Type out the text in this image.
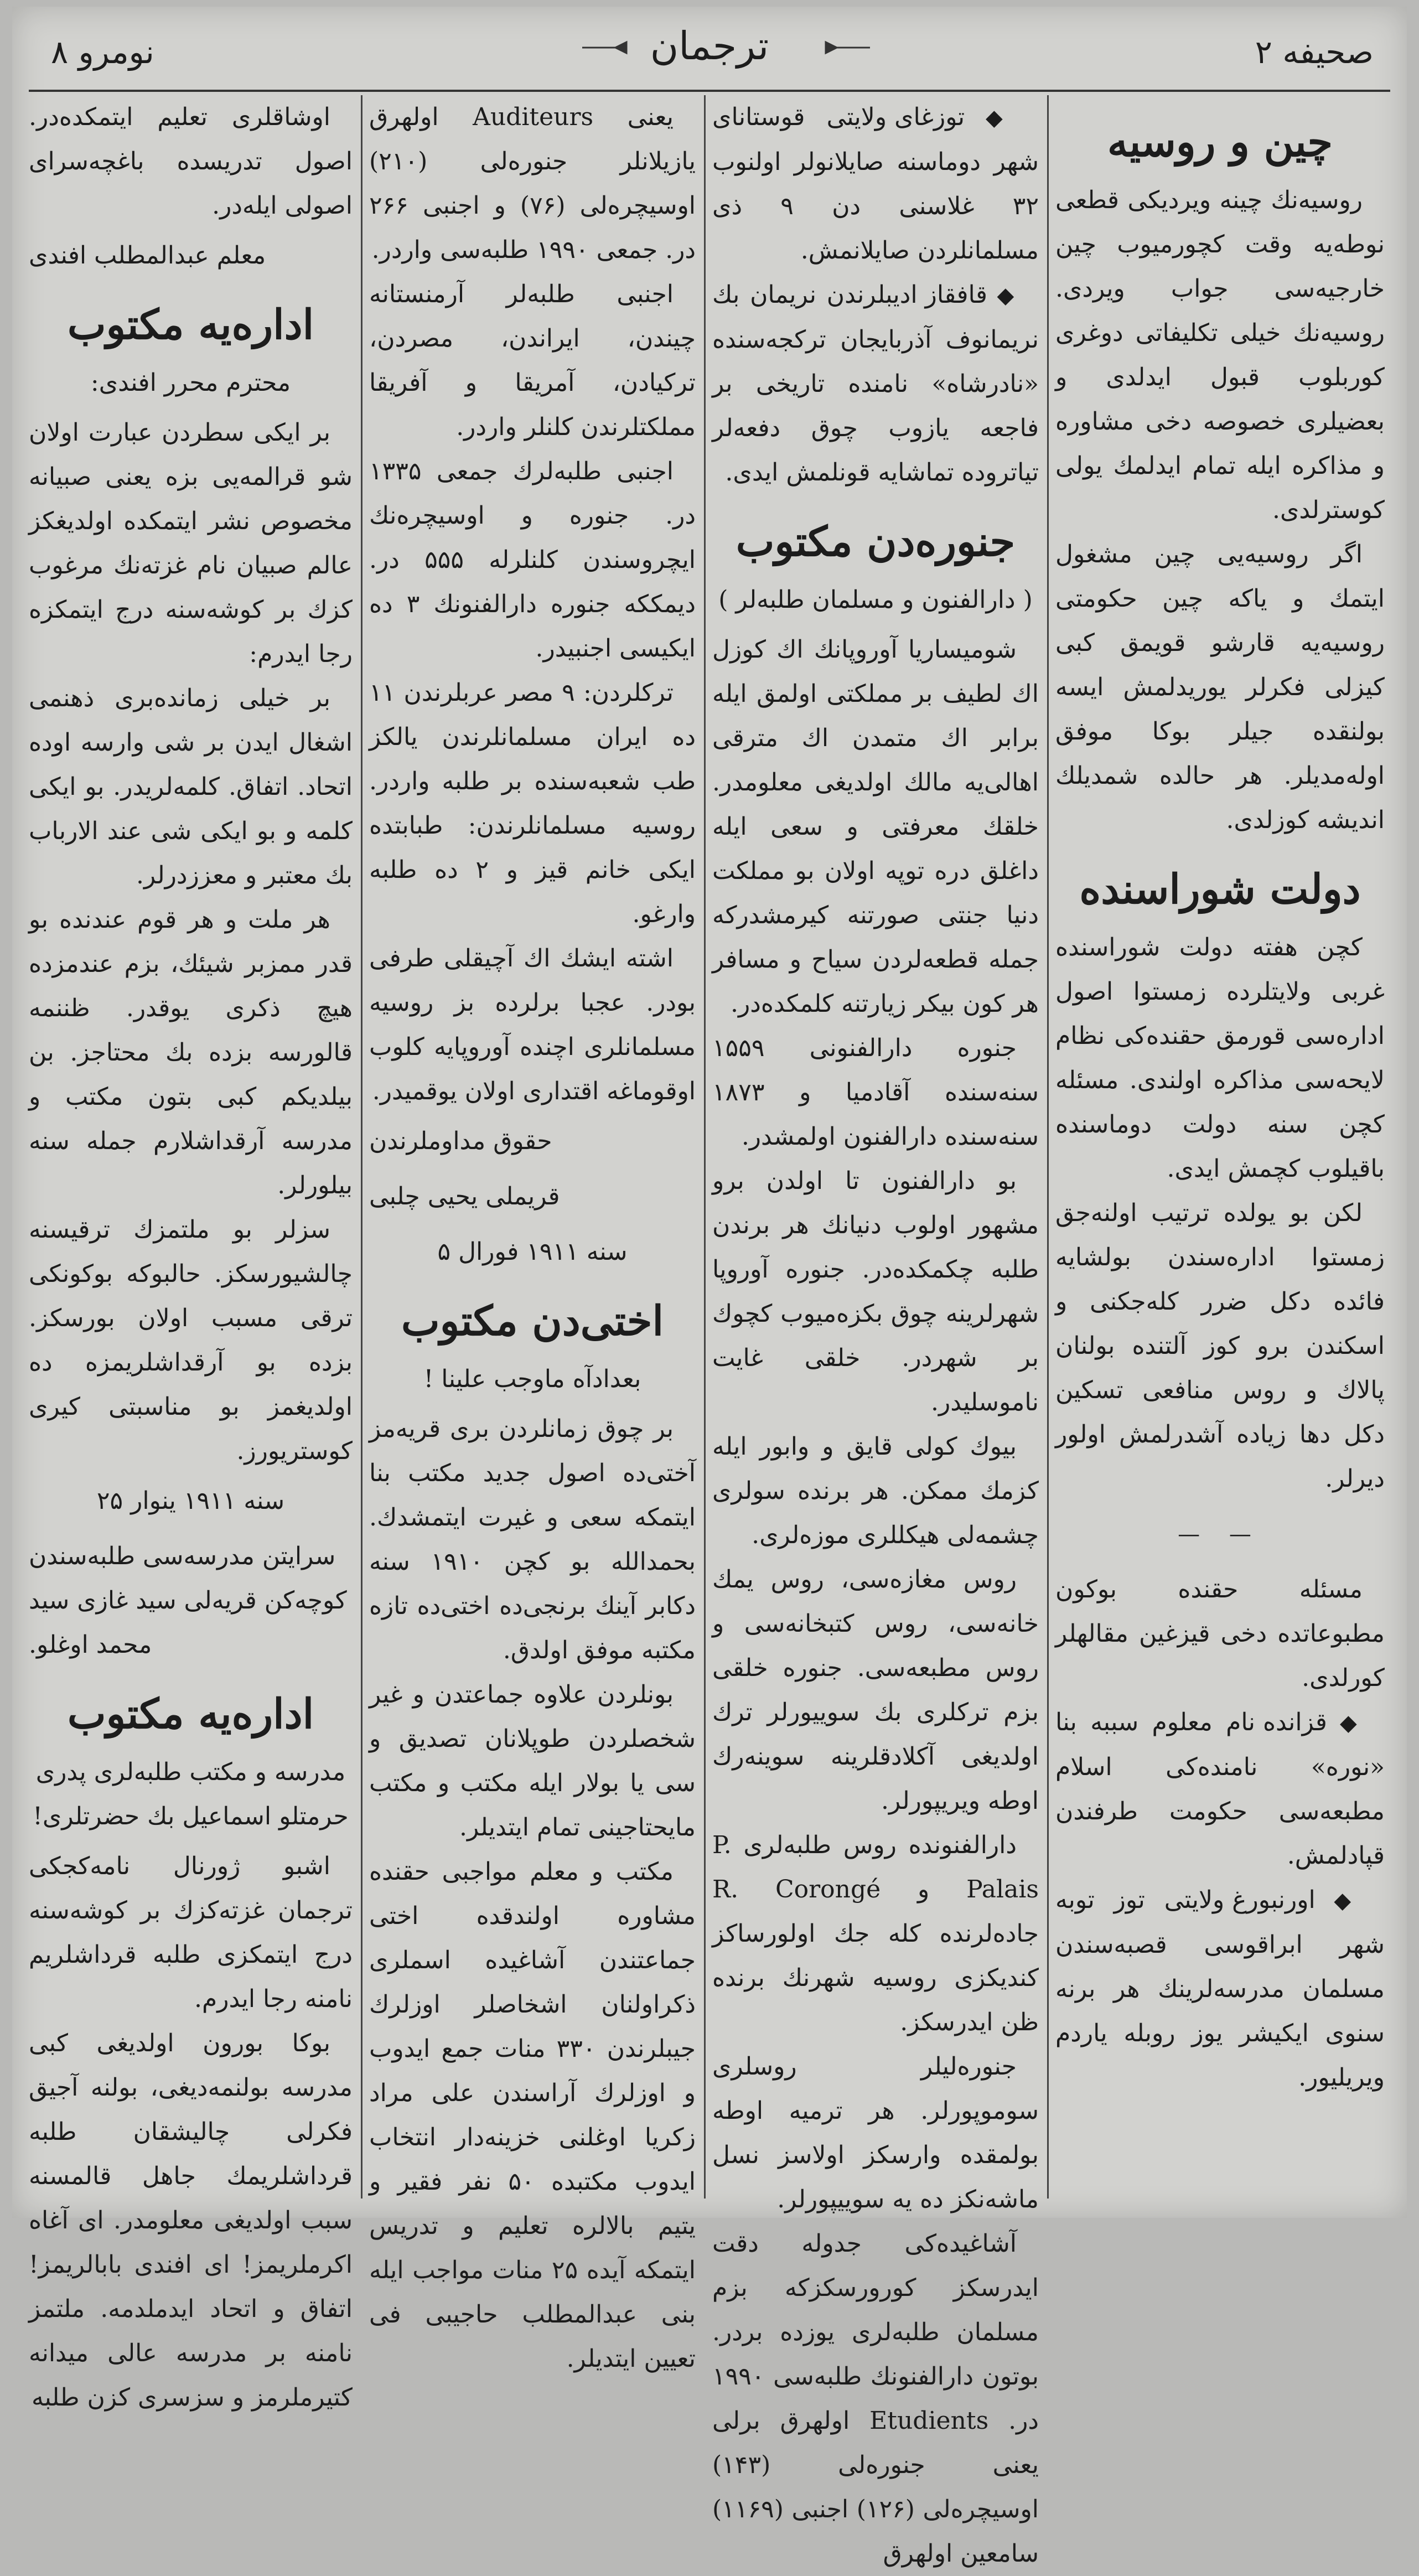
نومرو ۸	ترجمان	صحیفه ۲
چین و روسیه

روسیه‌نك چینه ویردیکی قطعی نوطه‌یه وقت کچورمیوب چین خارجیه‌سی جواب ویردی. روسیه‌نك خیلی تکلیفاتی دوغری کوربلوب قبول ایدلدی و بعضیلری خصوصه دخی مشاوره و مذاکره ایله تمام ایدلمك یولی کوسترلدی.

اگر روسیه‌یی چین مشغول ایتمك و یاکه چین حکومتی روسیه‌یه قارشو قویمق کبی کیزلی فکرلر یوریدلمش ایسه بولنقده جیلر بوکا موفق اوله‌مدیلر. هر حالده شمدیلك اندیشه کوزلدی.

دولت شوراسنده

کچن هفته دولت شوراسنده غربی ولایتلرده زمستوا اصول اداره‌سی قورمق حقنده‌کی نظام لایحه‌سی مذاکره اولندی. مسئله کچن سنه دولت دوماسنده باقیلوب کچمش ایدی.

لکن بو یولده ترتیب اولنه‌جق زمستوا اداره‌سندن بولشایه فائده دکل ضرر کله‌جکنی و اسکندن برو کوز آلتنده بولنان پالاك و روس منافعی تسکین دکل دها زیاده آشدرلمش اولور دیرلر.

— —

مسئله حقنده بوکون مطبوعاتده دخی قیزغین مقالهلر کورلدی.

◆ قزانده نام معلوم سببه بنا «نوره» نامنده‌کی اسلام مطبعه‌سی حکومت طرفندن قپادلمش.

◆ اورنبورغ ولایتی توز توبه شهر ابراقوسی قصبه‌سندن مسلمان مدرسه‌لرینك هر برنه سنوی ایکیشر یوز روبله یاردم ویریلیور.

◆ توزغای ولایتی قوستانای شهر دوماسنه صایلانولر اولنوب ۳۲ غلاسنی دن ۹ ذی مسلمانلردن صایلانمش.

◆ قافقاز ادیبلرندن نریمان بك نریمانوف آذربایجان ترکجه‌سنده «نادرشاه» نامنده تاریخی بر فاجعه یازوب چوق دفعه‌لر تیاتروده تماشایه قونلمش ایدی.

جنوره‌دن مکتوب
( دارالفنون و مسلمان طلبه‌لر )

شومیساریا آوروپانك اك کوزل اك لطیف بر مملکتی اولمق ایله برابر اك متمدن اك مترقی اهالی‌یه مالك اولدیغی معلومدر. خلقك معرفتی و سعی ایله داغلق دره توپه اولان بو مملکت دنیا جنتی صورتنه کیرمشدرکه جمله قطعه‌لردن سیاح و مسافر هر کون بیکر زیارتنه کلمکده‌در.

جنوره دارالفنونی ۱۵۵۹ سنه‌سنده آقادمیا و ۱۸۷۳ سنه‌سنده دارالفنون اولمشدر.

بو دارالفنون تا اولدن برو مشهور اولوب دنیانك هر برندن طلبه چکمکده‌در. جنوره آوروپا شهرلرینه چوق بکزه‌میوب کچوك بر شهردر. خلقی غایت ناموسلیدر.

بیوك کولی قایق و وابور ایله کزمك ممکن. هر برنده سولری چشمه‌لی هیکللری موزه‌لری.

روس مغازه‌سی، روس یمك خانه‌سی، روس کتبخانه‌سی و روس مطبعه‌سی. جنوره خلقی بزم ترکلری بك سوییورلر ترك اولدیغی آکلادقلرینه سوینه‌رك اوطه ویریپورلر.

دارالفنونده روس طلبه‌لری P. Palais و R. Corongé جاده‌لرنده کله جك اولورساکز کندیکزی روسیه شهرنك برنده ظن ایدرسکز.

جنوره‌لیلر روسلری سوموپورلر. هر ترمیه اوطه بولمقده وارسکز اولاسز نسل ماشه‌نکز ده یه سوییپورلر.

آشاغیده‌کی جدوله دقت ایدرسکز کورورسکزکه بزم مسلمان طلبه‌لری یوزده بردر. بوتون دارالفنونك طلبه‌سی ۱۹۹۰ در. Etudients اولهرق برلی یعنی جنوره‌لی (۱۴۳) اوسیچره‌لی (۱۲۶) اجنبی (۱۱۶۹) سامعین اولهرق

یعنی Auditeurs اولهرق یازیلانلر جنوره‌لی (۲۱۰) اوسیچره‌لی (۷۶) و اجنبی ۲۶۶ در. جمعی ۱۹۹۰ طلبه‌سی واردر.

اجنبی طلبه‌لر آرمنستانه چیندن، ایراندن، مصردن، ترکیادن، آمریقا و آفریقا مملکتلرندن کلنلر واردر.

اجنبی طلبه‌لرك جمعی ۱۳۳۵ در. جنوره و اوسیچره‌نك ایچروسندن کلنلرله ۵۵۵ در. دیمککه جنوره دارالفنونك ۳ ده ایکیسی اجنبیدر.

ترکلردن: ۹ مصر عربلرندن ۱۱ ده ایران مسلمانلرندن یالکز طب شعبه‌سنده بر طلبه واردر. روسیه مسلمانلرندن: طبابتده ایکی خانم قیز و ۲ ده طلبه وارغو.

اشته ایشك اك آچیقلی طرفی بودر. عجبا برلرده بز روسیه مسلمانلری اچنده آوروپایه کلوب اوقوماغه اقتداری اولان یوقمیدر.

حقوق مداوملرندن
قریملی یحیی چلبی
سنه ۱۹۱۱ فورال ۵
اختی‌دن مکتوب
بعدادآه ماوجب علینا !

بر چوق زمانلردن بری قریه‌مز آختی‌ده اصول جدید مکتب بنا ایتمکه سعی و غیرت ایتمشدك. بحمدالله بو کچن ۱۹۱۰ سنه دکابر آینك برنجی‌ده اختی‌ده تازه مکتبه موفق اولدق.

بونلردن علاوه جماعتدن و غیر شخصلردن طوپلانان تصدیق و سی یا بولار ایله مکتب و مکتب مایحتاجینی تمام ایتدیلر.

مکتب و معلم مواجبی حقنده مشاوره اولندقده اختی جماعتندن آشاغیده اسملری ذکراولنان اشخاصلر اوزلرك جیبلرندن ۳۳۰ منات جمع ایدوب و اوزلرك آراسندن علی مراد زکریا اوغلنی خزینه‌دار انتخاب ایدوب مکتبده ۵۰ نفر فقیر و یتیم بالالره تعلیم و تدریس ایتمکه آیده ۲۵ منات مواجب ایله بنی عبدالمطلب حاجیبی فی تعیین ایتدیلر.

اوشاقلری تعلیم ایتمکده‌در. اصول تدریسده باغچه‌سرای اصولی ایله‌در.

معلم عبدالمطلب افندی
اداره‌یه مکتوب
محترم محرر افندی:

بر ایکی سطردن عبارت اولان شو قرالمه‌یی بزه یعنی صبیانه مخصوص نشر ایتمکده اولدیغکز عالم صبیان نام غزته‌نك مرغوب کزك بر کوشه‌سنه درج ایتمکزه رجا ایدرم:

بر خیلی زمانده‌بری ذهنمی اشغال ایدن بر شی وارسه اوده اتحاد. اتفاق. کلمه‌لریدر. بو ایکی کلمه و بو ایکی شی عند الارباب بك معتبر و معززدرلر.

هر ملت و هر قوم عندنده بو قدر ممزبر شیئك، بزم عندمزده هیچ ذکری یوقدر. ظننمه قالورسه بزده بك محتاجز. بن بیلدیکم کبی بتون مکتب و مدرسه آرقداشلارم جمله سنه بیلورلر.

سزلر بو ملتمزك ترقیسنه چالشیورسکز. حالبوکه بوکونکی ترقی مسبب اولان بورسکز. بزده بو آرقداشلریمزه ده اولدیغمز بو مناسبتی کیری کوستریورز.

سنه ۱۹۱۱ ینوار ۲۵
سرایتن مدرسه‌سی طلبه‌سندن کوچه‌کن قریه‌لی سید غازی سید محمد اوغلو.
اداره‌یه مکتوب
مدرسه و مکتب طلبه‌لری پدری حرمتلو اسماعیل بك حضرتلری!

اشبو ژورنال نامه‌کجکی ترجمان غزته‌کزك بر کوشه‌سنه درج ایتمکزی طلبه قرداشلریم نامنه رجا ایدرم.

بوکا بورون اولدیغی کبی مدرسه بولنمه‌دیغی، بولنه آجیق فکرلی چالیشقان طلبه قرداشلریمك جاهل قالمسنه سبب اولدیغی معلومدر. ای آغاه اکرملریمز! ای افندی بابالریمز! اتفاق و اتحاد ایدملدمه. ملتمز نامنه بر مدرسه عالی میدانه کتیرملرمز و سزسری کزن طلبه
